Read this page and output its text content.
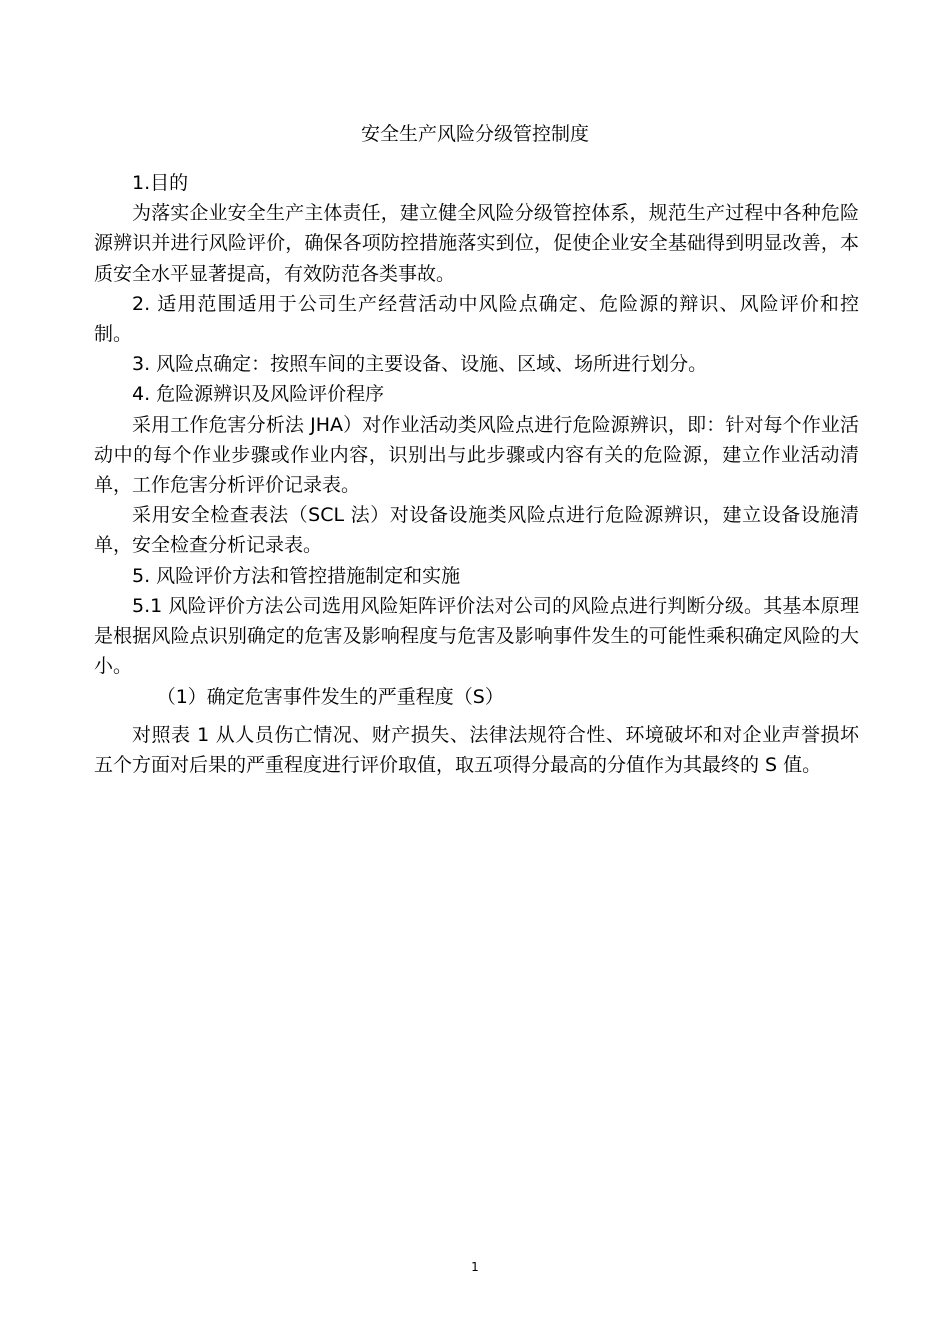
安全生产风险分级管控制度

1.目的

为落实企业安全生产主体责任，建立健全风险分级管控体系，规范生产过程中各种危险源辨识并进行风险评价，确保各项防控措施落实到位，促使企业安全基础得到明显改善，本质安全水平显著提高，有效防范各类事故。

2. 适用范围适用于公司生产经营活动中风险点确定、危险源的辩识、风险评价和控制。

3. 风险点确定：按照车间的主要设备、设施、区域、场所进行划分。

4. 危险源辨识及风险评价程序

采用工作危害分析法 JHA）对作业活动类风险点进行危险源辨识，即：针对每个作业活动中的每个作业步骤或作业内容，识别出与此步骤或内容有关的危险源，建立作业活动清单，工作危害分析评价记录表。

采用安全检查表法（SCL 法）对设备设施类风险点进行危险源辨识，建立设备设施清单，安全检查分析记录表。

5. 风险评价方法和管控措施制定和实施

5.1 风险评价方法公司选用风险矩阵评价法对公司的风险点进行判断分级。其基本原理是根据风险点识别确定的危害及影响程度与危害及影响事件发生的可能性乘积确定风险的大小。

（1）确定危害事件发生的严重程度（S）

对照表 1 从人员伤亡情况、财产损失、法律法规符合性、环境破坏和对企业声誉损坏五个方面对后果的严重程度进行评价取值，取五项得分最高的分值作为其最终的 S 值。

1
